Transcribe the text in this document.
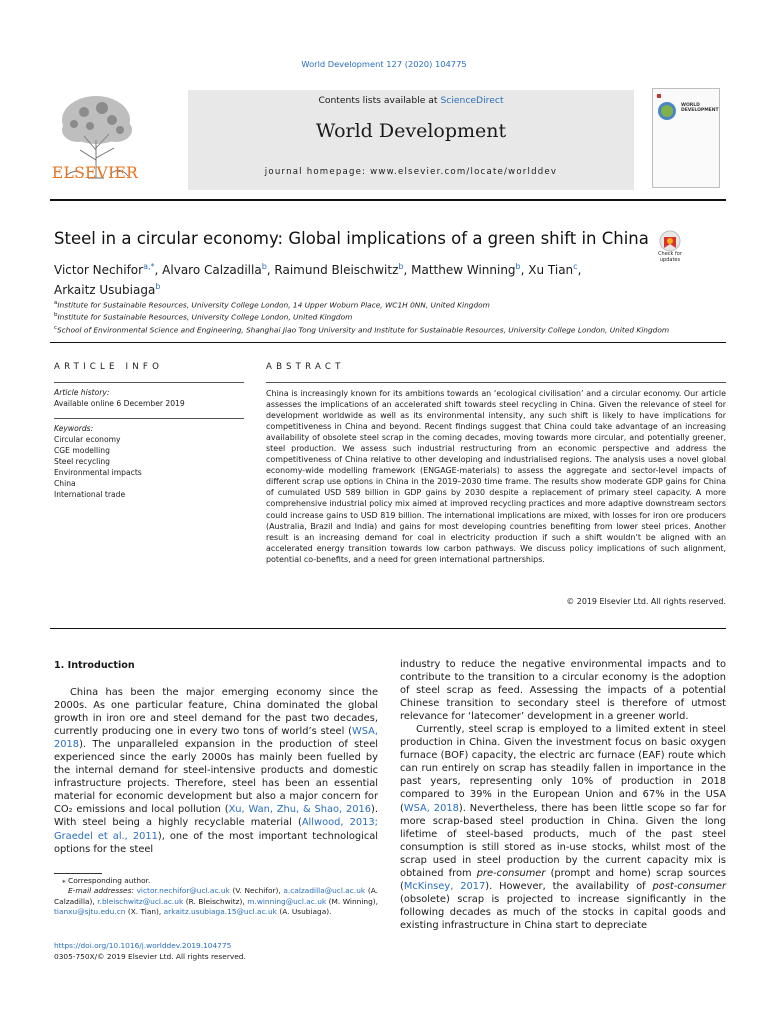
World Development 127 (2020) 104775
ELSEVIER
Contents lists available at ScienceDirect
World Development
journal homepage: www.elsevier.com/locate/worlddev
WORLD
DEVELOPMENT
Steel in a circular economy: Global implications of a green shift in China
Check for updates
Victor Nechifor$^{a,*}$, Alvaro Calzadilla$^b$, Raimund Bleischwitz$^b$, Matthew Winning$^b$, Xu Tian$^c$,
Arkaitz Usubiaga$^b$
$^a$Institute for Sustainable Resources, University College London, 14 Upper Woburn Place, WC1H 0NN, United Kingdom
$^b$Institute for Sustainable Resources, University College London, United Kingdom
$^c$School of Environmental Science and Engineering, Shanghai Jiao Tong University and Institute for Sustainable Resources, University College London, United Kingdom
ARTICLE INFO	ABSTRACT
Article history:
Available online 6 December 2019
Keywords:
Circular economy
CGE modelling
Steel recycling
Environmental impacts
China
International trade
China is increasingly known for its ambitions towards an ‘ecological civilisation’ and a circular economy. Our article assesses the implications of an accelerated shift towards steel recycling in China. Given the relevance of steel for development worldwide as well as its environmental intensity, any such shift is likely to have implications for competitiveness in China and beyond. Recent findings suggest that China could take advantage of an increasing availability of obsolete steel scrap in the coming decades, moving towards more circular, and potentially greener, steel production. We assess such industrial restructuring from an economic perspective and address the competitiveness of China relative to other developing and industrialised regions. The analysis uses a novel global economy-wide modelling framework (ENGAGE-materials) to assess the aggregate and sector-level impacts of different scrap use options in China in the 2019–2030 time frame. The results show moderate GDP gains for China of cumulated USD 589 billion in GDP gains by 2030 despite a replacement of primary steel capacity. A more comprehensive industrial policy mix aimed at improved recycling practices and more adaptive downstream sectors could increase gains to USD 819 billion. The international implications are mixed, with losses for iron ore producers (Australia, Brazil and India) and gains for most developing countries benefiting from lower steel prices. Another result is an increasing demand for coal in electricity production if such a shift wouldn’t be aligned with an accelerated energy transition towards low carbon pathways. We discuss policy implications of such alignment, potential co-benefits, and a need for green international partnerships.
© 2019 Elsevier Ltd. All rights reserved.
1. Introduction
China has been the major emerging economy since the 2000s. As one particular feature, China dominated the global growth in iron ore and steel demand for the past two decades, currently producing one in every two tons of world’s steel (WSA, 2018). The unparalleled expansion in the production of steel experienced since the early 2000s has mainly been fuelled by the internal demand for steel-intensive products and domestic infrastructure projects. Therefore, steel has been an essential material for economic development but also a major concern for CO₂ emissions and local pollution (Xu, Wan, Zhu, & Shao, 2016). With steel being a highly recyclable material (Allwood, 2013; Graedel et al., 2011), one of the most important technological options for the steel
industry to reduce the negative environmental impacts and to contribute to the transition to a circular economy is the adoption of steel scrap as feed. Assessing the impacts of a potential Chinese transition to secondary steel is therefore of utmost relevance for ‘latecomer’ development in a greener world.
Currently, steel scrap is employed to a limited extent in steel production in China. Given the investment focus on basic oxygen furnace (BOF) capacity, the electric arc furnace (EAF) route which can run entirely on scrap has steadily fallen in importance in the past years, representing only 10% of production in 2018 compared to 39% in the European Union and 67% in the USA (WSA, 2018). Nevertheless, there has been little scope so far for more scrap-based steel production in China. Given the long lifetime of steel-based products, much of the past steel consumption is still stored as in-use stocks, whilst most of the scrap used in steel production by the current capacity mix is obtained from pre-consumer (prompt and home) scrap sources (McKinsey, 2017). However, the availability of post-consumer (obsolete) scrap is projected to increase significantly in the following decades as much of the stocks in capital goods and existing infrastructure in China start to depreciate
⁎ Corresponding author.
E-mail addresses: victor.nechifor@ucl.ac.uk (V. Nechifor), a.calzadilla@ucl.ac.uk (A. Calzadilla), r.bleischwitz@ucl.ac.uk (R. Bleischwitz), m.winning@ucl.ac.uk (M. Winning), tianxu@sjtu.edu.cn (X. Tian), arkaitz.usubiaga.15@ucl.ac.uk (A. Usubiaga).
https://doi.org/10.1016/j.worlddev.2019.104775
0305-750X/© 2019 Elsevier Ltd. All rights reserved.
